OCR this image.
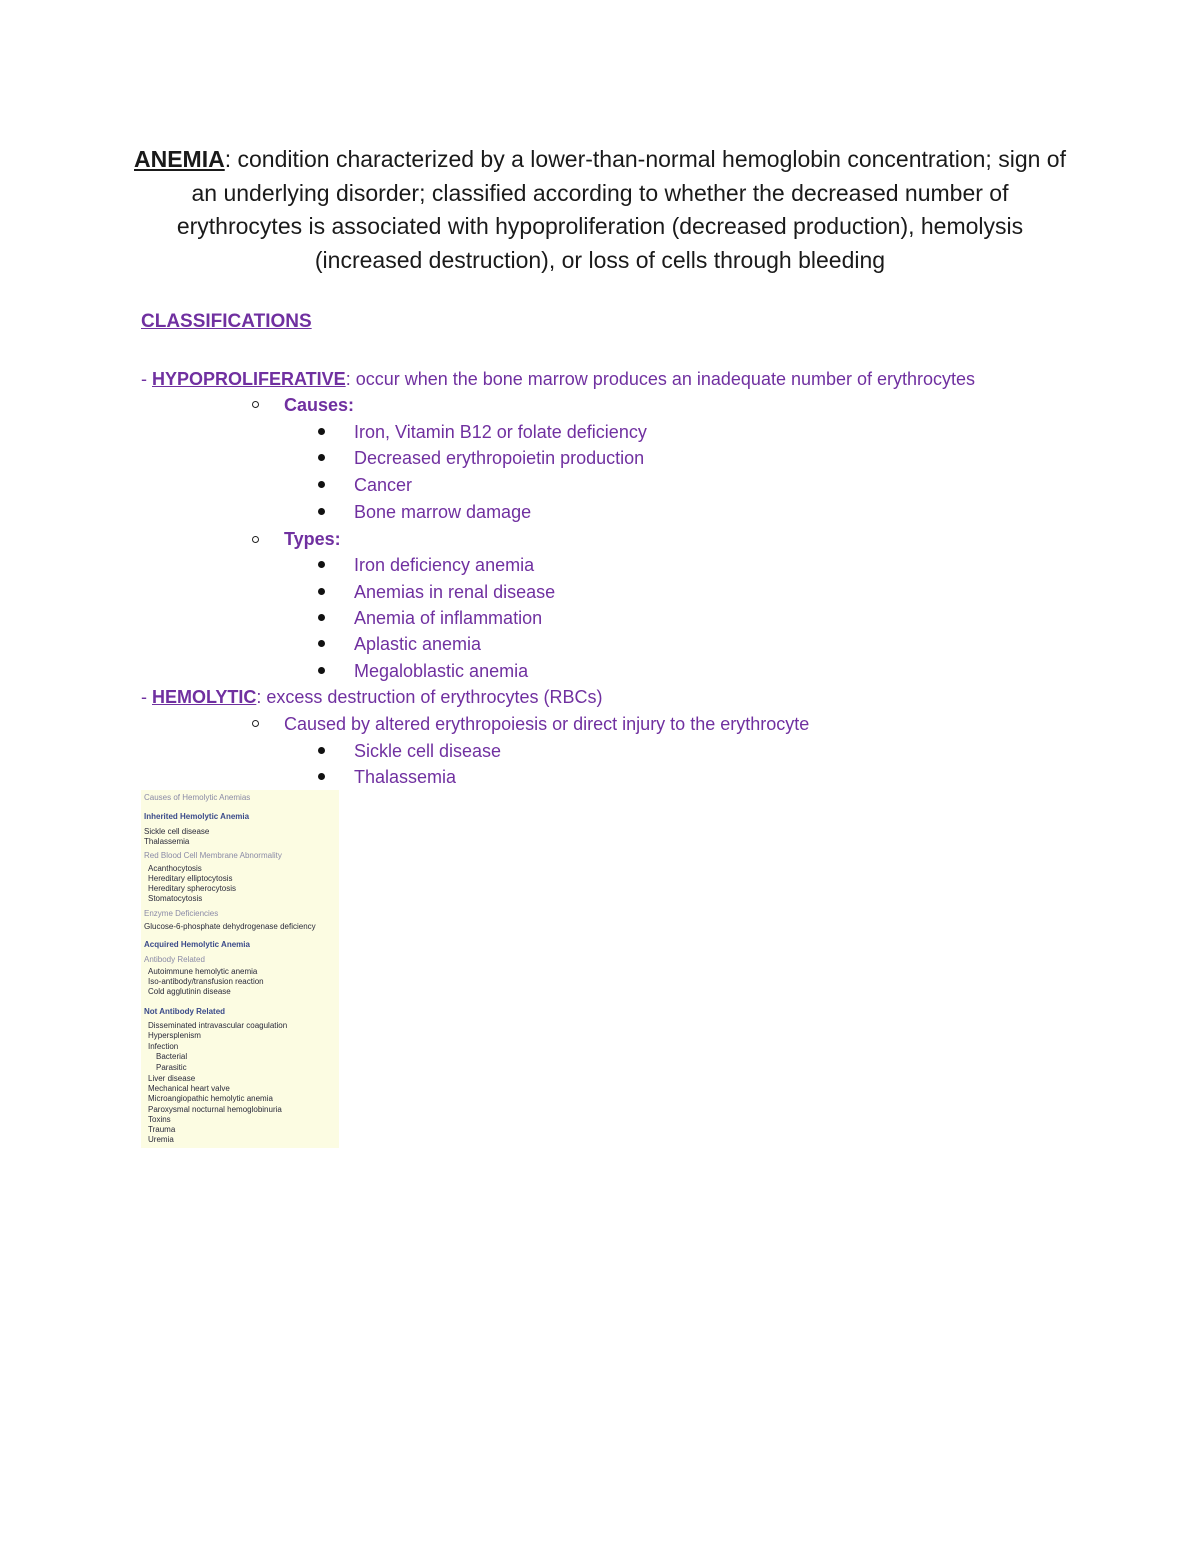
ANEMIA: condition characterized by a lower-than-normal hemoglobin concentration; sign of an underlying disorder; classified according to whether the decreased number of erythrocytes is associated with hypoproliferation (decreased production), hemolysis (increased destruction), or loss of cells through bleeding
CLASSIFICATIONS
- HYPOPROLIFERATIVE: occur when the bone marrow produces an inadequate number of erythrocytes
Causes:
Iron, Vitamin B12 or folate deficiency
Decreased erythropoietin production
Cancer
Bone marrow damage
Types:
Iron deficiency anemia
Anemias in renal disease
Anemia of inflammation
Aplastic anemia
Megaloblastic anemia
- HEMOLYTIC: excess destruction of erythrocytes (RBCs)
Caused by altered erythropoiesis or direct injury to the erythrocyte
Sickle cell disease
Thalassemia
Causes of Hemolytic Anemias
Inherited Hemolytic Anemia
Sickle cell disease
Thalassemia
Red Blood Cell Membrane Abnormality
Acanthocytosis
Hereditary elliptocytosis
Hereditary spherocytosis
Stomatocytosis
Enzyme Deficiencies
Glucose-6-phosphate dehydrogenase deficiency
Acquired Hemolytic Anemia
Antibody Related
Autoimmune hemolytic anemia
Iso-antibody/transfusion reaction
Cold agglutinin disease
Not Antibody Related
Disseminated intravascular coagulation
Hypersplenism
Infection
Bacterial
Parasitic
Liver disease
Mechanical heart valve
Microangiopathic hemolytic anemia
Paroxysmal nocturnal hemoglobinuria
Toxins
Trauma
Uremia
